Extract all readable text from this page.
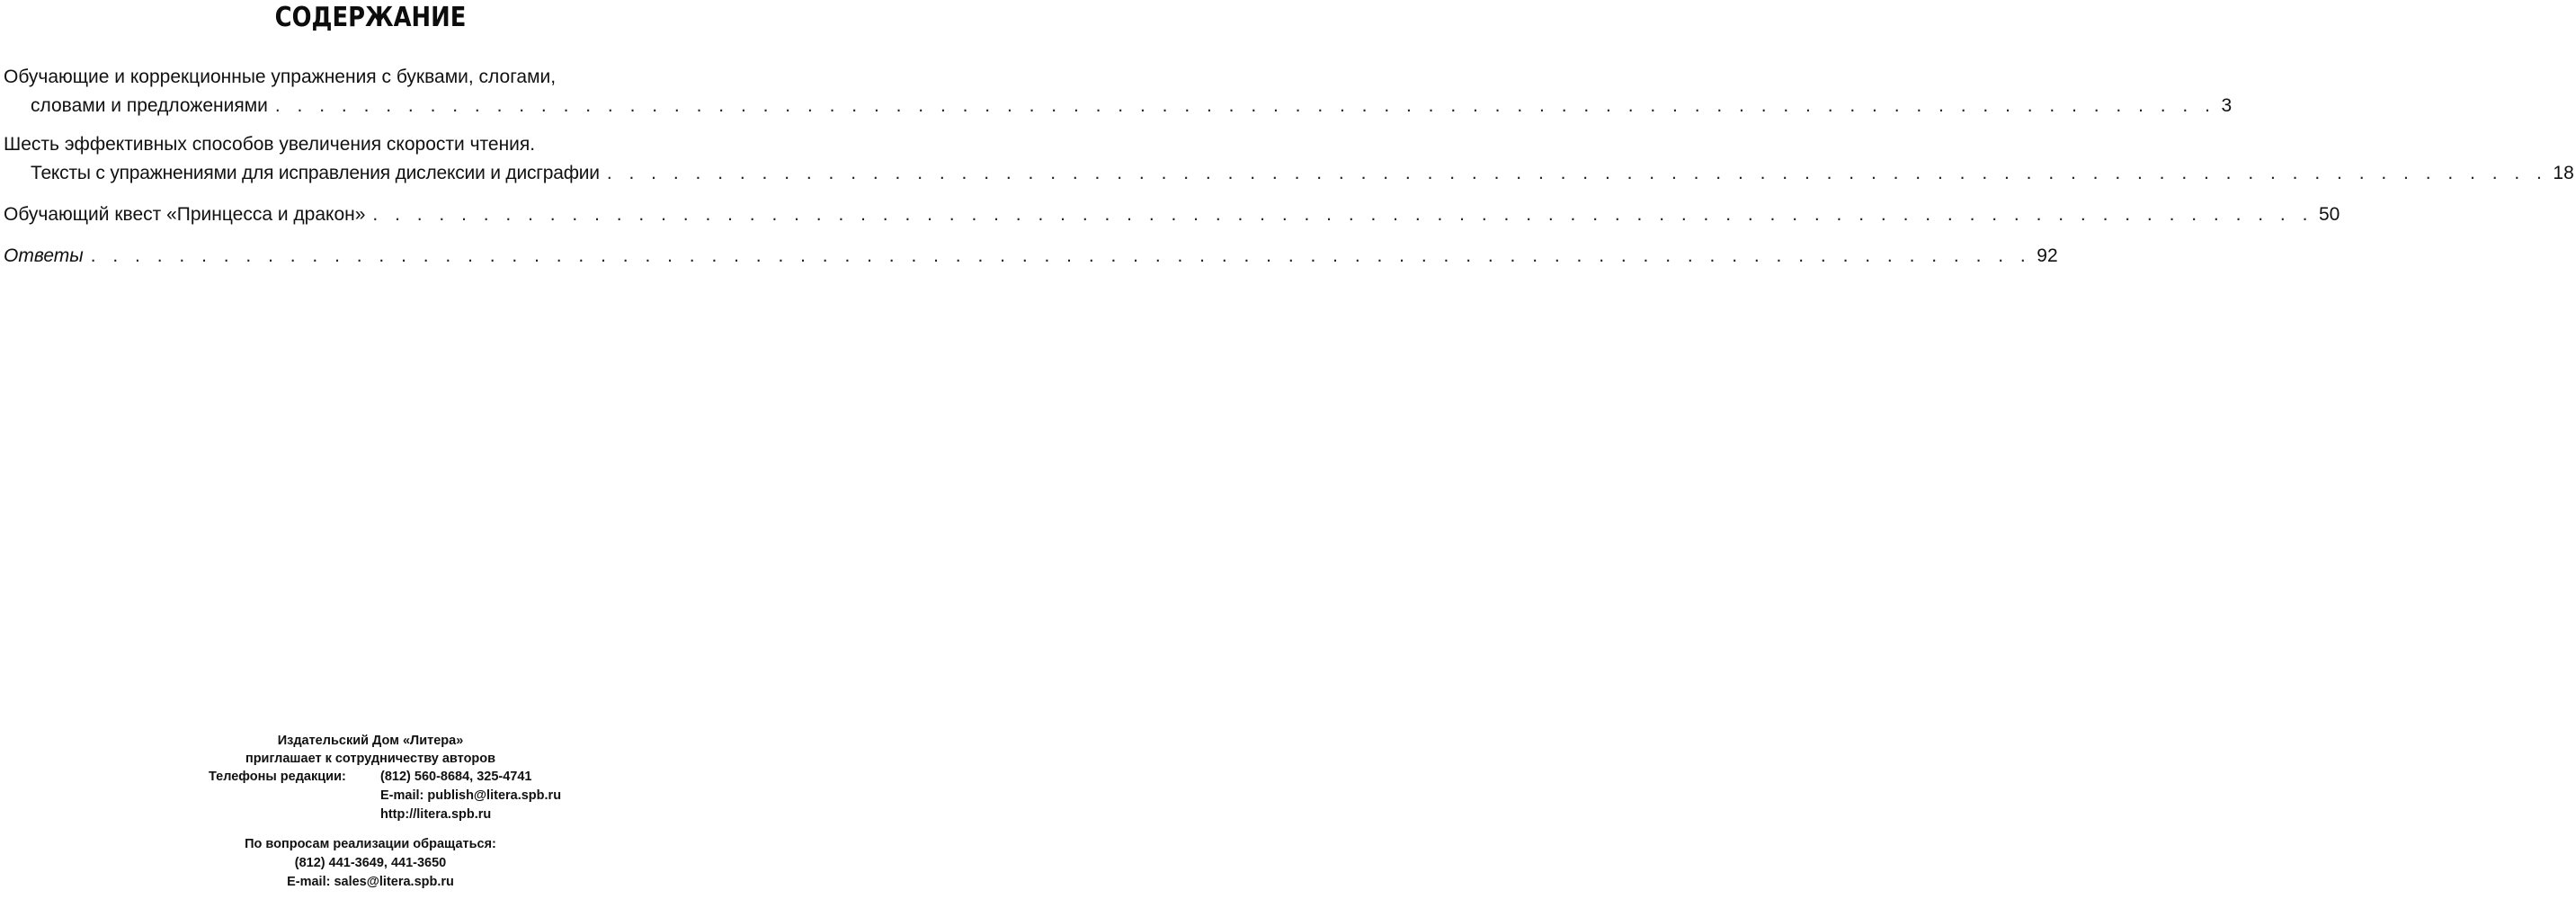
СОДЕРЖАНИЕ
Обучающие и коррекционные упражнения с буквами, слогами,
словами и предложениями . . . . . . . . . . . . . . . . . . . . . . . . . . . . . . . . . . . . . . . . . . . . . . . . . . . . . . . . . . . . . . . . . . . . . . . . . . . . . . . . . . . . . . . . 3
Шесть эффективных способов увеличения скорости чтения.
Тексты с упражнениями для исправления дислексии и дисграфии . . . . . . . . . . . . . . . . . . . . . . . . . . . . . . . . . . . . . . . . . . . . . . . . . . . . . . . . . . . . . . . . . . . . . . . . . . . . . . . . . . . . . . . . 18
Обучающий квест «Принцесса и дракон» . . . . . . . . . . . . . . . . . . . . . . . . . . . . . . . . . . . . . . . . . . . . . . . . . . . . . . . . . . . . . . . . . . . . . . . . . . . . . . . . . . . . . . . . 50
Ответы . . . . . . . . . . . . . . . . . . . . . . . . . . . . . . . . . . . . . . . . . . . . . . . . . . . . . . . . . . . . . . . . . . . . . . . . . . . . . . . . . . . . . . . . 92
Издательский Дом «Литера»
приглашает к сотрудничеству авторов
Телефоны редакции:	(812) 560-8684, 325-4741
E-mail: publish@litera.spb.ru
http://litera.spb.ru
По вопросам реализации обращаться:
(812) 441-3649, 441-3650
E-mail: sales@litera.spb.ru
